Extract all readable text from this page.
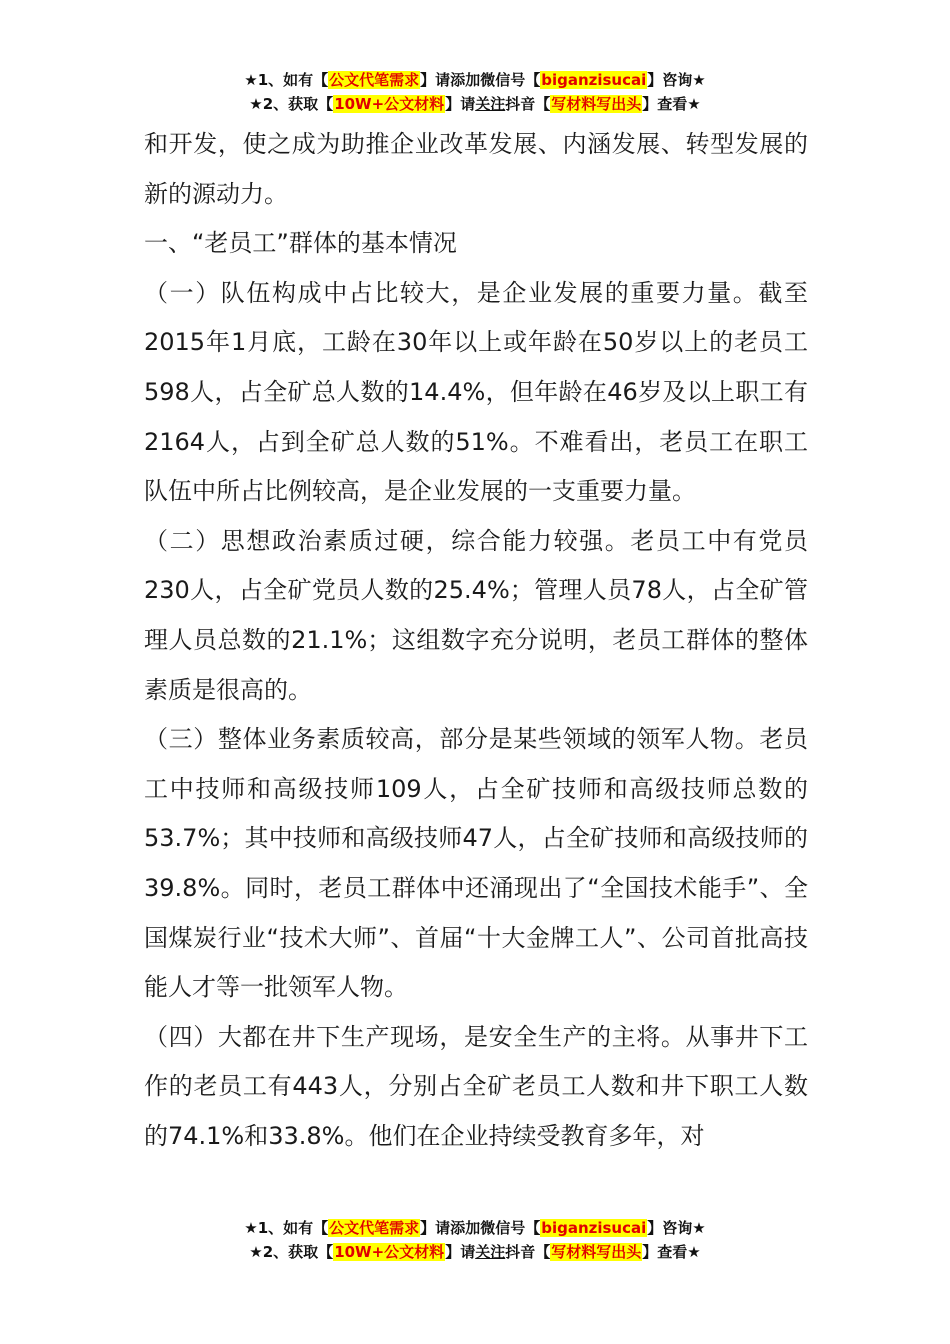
★1、如有【公文代笔需求】请添加微信号【biganzisucai】咨询★
★2、获取【10W+公文材料】请关注抖音【写材料写出头】查看★

和开发，使之成为助推企业改革发展、内涵发展、转型发展的新的源动力。

一、“老员工”群体的基本情况

（一）队伍构成中占比较大，是企业发展的重要力量。截至2015年1月底，工龄在30年以上或年龄在50岁以上的老员工598人，占全矿总人数的14.4%，但年龄在46岁及以上职工有2164人，占到全矿总人数的51%。不难看出，老员工在职工队伍中所占比例较高，是企业发展的一支重要力量。

（二）思想政治素质过硬，综合能力较强。老员工中有党员230人，占全矿党员人数的25.4%；管理人员78人，占全矿管理人员总数的21.1%；这组数字充分说明，老员工群体的整体素质是很高的。

（三）整体业务素质较高，部分是某些领域的领军人物。老员工中技师和高级技师109人，占全矿技师和高级技师总数的53.7%；其中技师和高级技师47人，占全矿技师和高级技师的39.8%。同时，老员工群体中还涌现出了“全国技术能手”、全国煤炭行业“技术大师”、首届“十大金牌工人”、公司首批高技能人才等一批领军人物。

（四）大都在井下生产现场，是安全生产的主将。从事井下工作的老员工有443人，分别占全矿老员工人数和井下职工人数的74.1%和33.8%。他们在企业持续受教育多年，对

★1、如有【公文代笔需求】请添加微信号【biganzisucai】咨询★
★2、获取【10W+公文材料】请关注抖音【写材料写出头】查看★
